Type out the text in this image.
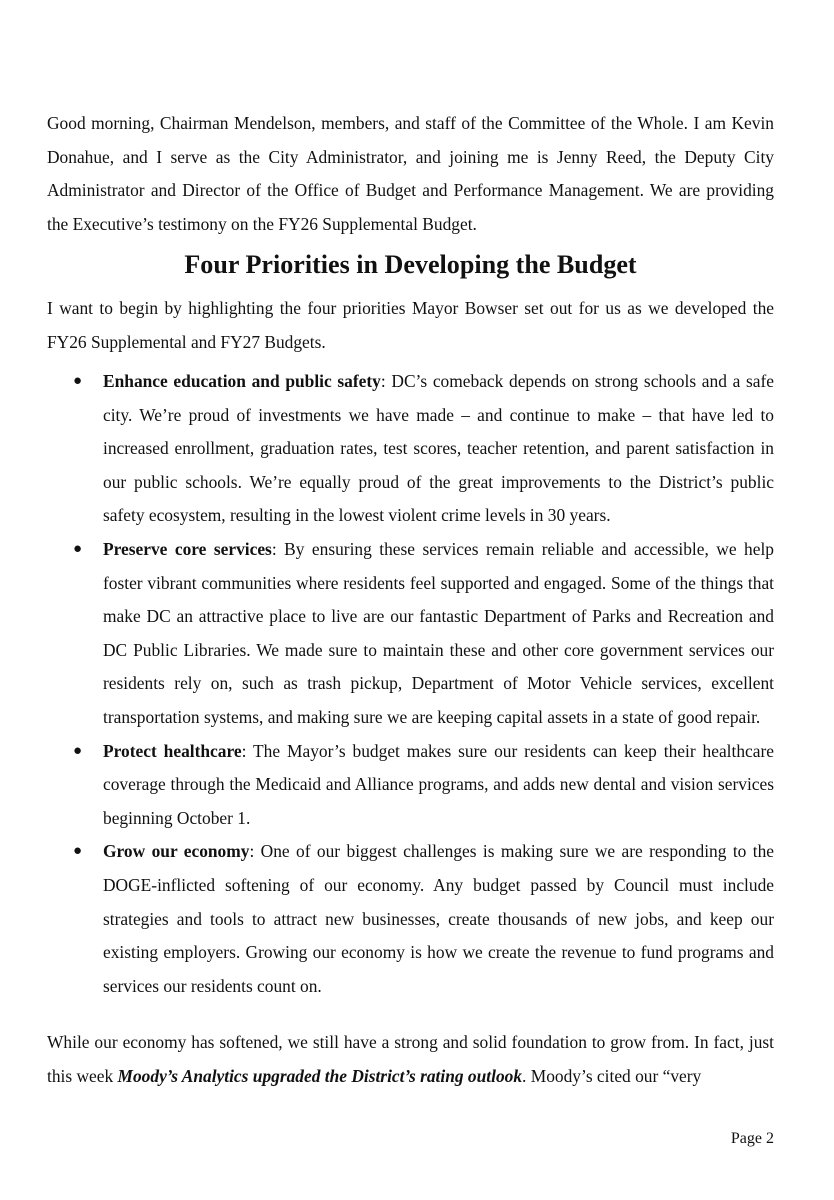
Good morning, Chairman Mendelson, members, and staff of the Committee of the Whole. I am Kevin Donahue, and I serve as the City Administrator, and joining me is Jenny Reed, the Deputy City Administrator and Director of the Office of Budget and Performance Management. We are providing the Executive’s testimony on the FY26 Supplemental Budget.

Four Priorities in Developing the Budget

I want to begin by highlighting the four priorities Mayor Bowser set out for us as we developed the FY26 Supplemental and FY27 Budgets.

● Enhance education and public safety: DC’s comeback depends on strong schools and a safe city. We’re proud of investments we have made – and continue to make – that have led to increased enrollment, graduation rates, test scores, teacher retention, and parent satisfaction in our public schools. We’re equally proud of the great improvements to the District’s public safety ecosystem, resulting in the lowest violent crime levels in 30 years.
● Preserve core services: By ensuring these services remain reliable and accessible, we help foster vibrant communities where residents feel supported and engaged. Some of the things that make DC an attractive place to live are our fantastic Department of Parks and Recreation and DC Public Libraries. We made sure to maintain these and other core government services our residents rely on, such as trash pickup, Department of Motor Vehicle services, excellent transportation systems, and making sure we are keeping capital assets in a state of good repair.
● Protect healthcare: The Mayor’s budget makes sure our residents can keep their healthcare coverage through the Medicaid and Alliance programs, and adds new dental and vision services beginning October 1.
● Grow our economy: One of our biggest challenges is making sure we are responding to the DOGE-inflicted softening of our economy. Any budget passed by Council must include strategies and tools to attract new businesses, create thousands of new jobs, and keep our existing employers. Growing our economy is how we create the revenue to fund programs and services our residents count on.

While our economy has softened, we still have a strong and solid foundation to grow from. In fact, just this week Moody’s Analytics upgraded the District’s rating outlook. Moody’s cited our “very

Page 2
